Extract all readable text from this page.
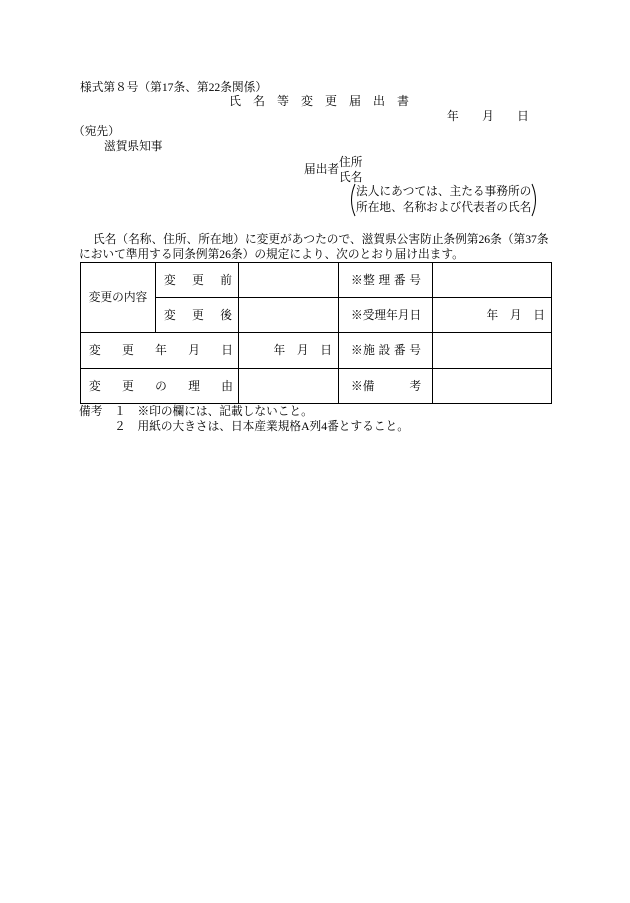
様式第８号（第17条、第22条関係）
氏　名　等　変　更　届　出　書
年　　月　　日
（宛先）
滋賀県知事
届出者
住所
氏名
法人にあつては、主たる事務所の
所在地、名称および代表者の氏名
氏名（名称、住所、所在地）に変更があつたので、滋賀県公害防止条例第26条（第37条
において準用する同条例第26条）の規定により、次のとおり届け出ます。
変更の内容	変　更　前		※整 理 番 号	
	変　更　後		※受理年月日	年　月　日
変　更　年　月　日		年　月　日	※施 設 番 号	
変　更　の　理　由			※備　　　考	
備考	１ ※印の欄には、記載しないこと。
２ 用紙の大きさは、日本産業規格A列4番とすること。
